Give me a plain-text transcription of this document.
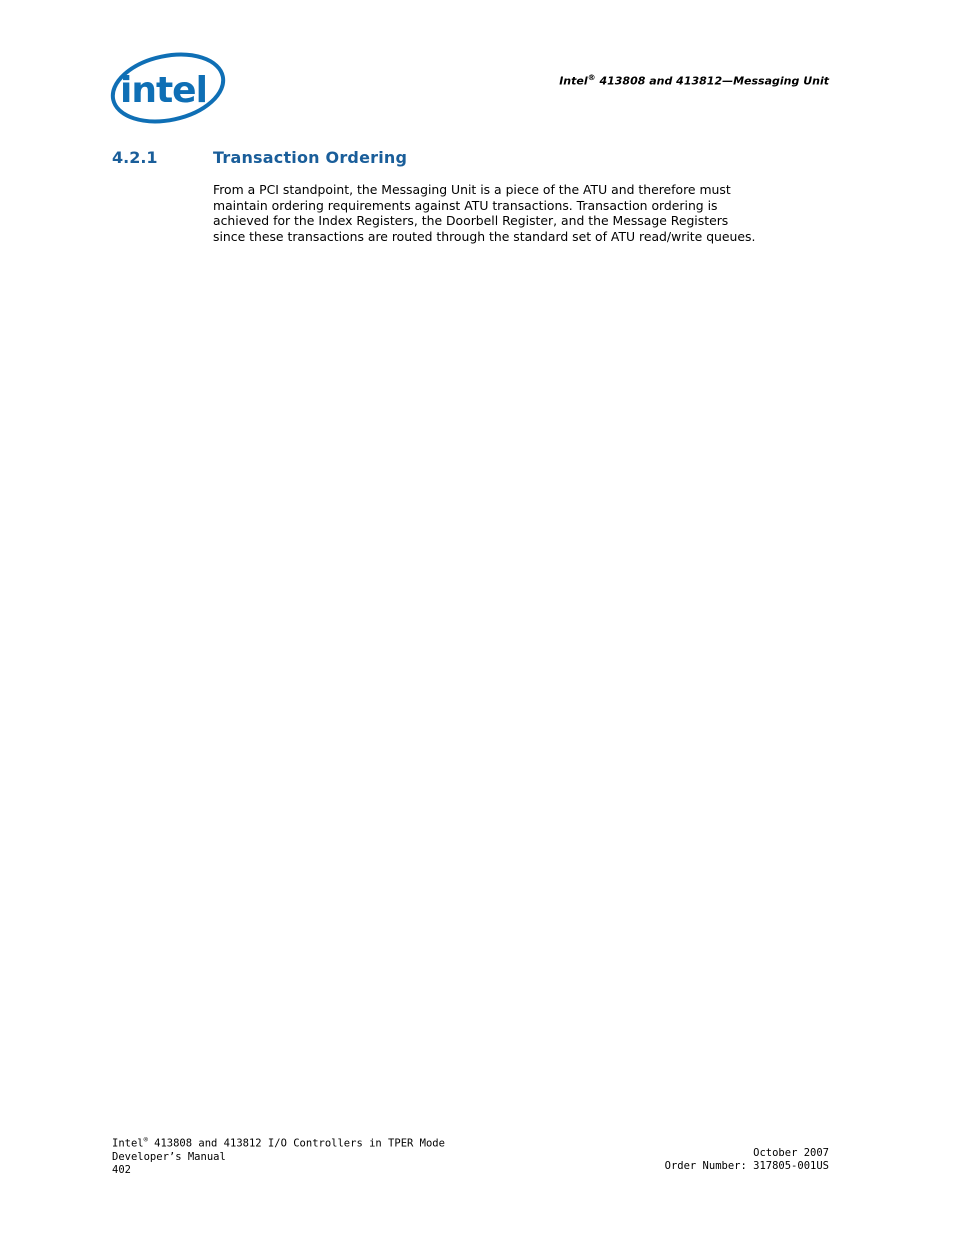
intel	Intel® 413808 and 413812—Messaging Unit
4.2.1	Transaction Ordering
From a PCI standpoint, the Messaging Unit is a piece of the ATU and therefore must
maintain ordering requirements against ATU transactions. Transaction ordering is
achieved for the Index Registers, the Doorbell Register, and the Message Registers
since these transactions are routed through the standard set of ATU read/write queues.
Intel® 413808 and 413812 I/O Controllers in TPER Mode
Developer’s Manual
402
October 2007
Order Number: 317805-001US
